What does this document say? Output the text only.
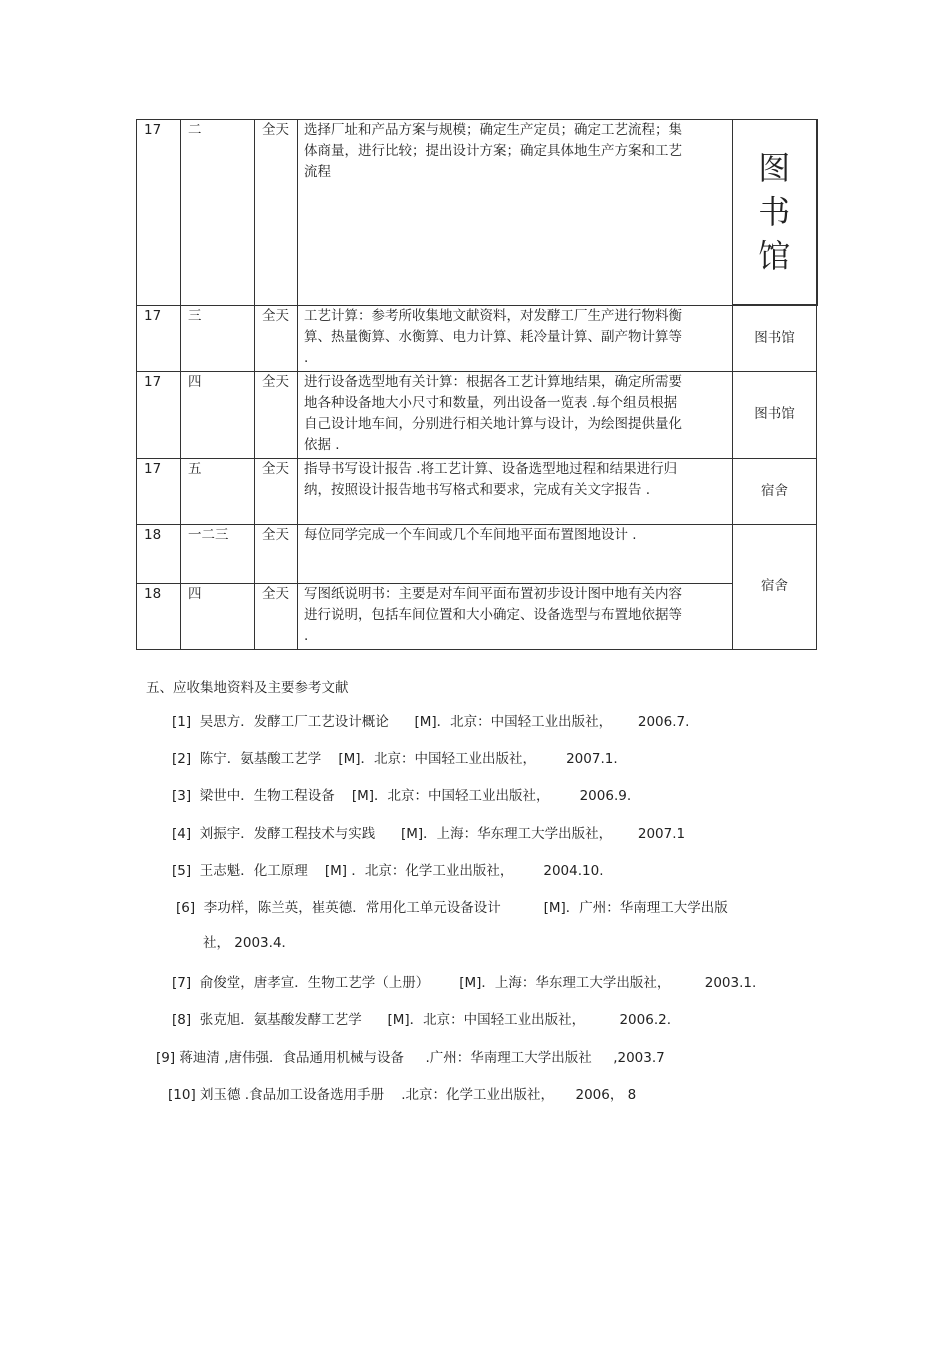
17	二	全天	选择厂址和产品方案与规模；确定生产定员；确定工艺流程；集体商量，进行比较；提出设计方案；确定具体地生产方案和工艺流程	图书馆

17	三	全天	工艺计算：参考所收集地文献资料，对发酵工厂生产进行物料衡算、热量衡算、水衡算、电力计算、耗冷量计算、副产物计算等 .	图书馆
17	四	全天	进行设备选型地有关计算：根据各工艺计算地结果，确定所需要地各种设备地大小尺寸和数量，列出设备一览表 .每个组员根据自己设计地车间，分别进行相关地计算与设计，为绘图提供量化依据 .	图书馆
17	五	全天	指导书写设计报告 .将工艺计算、设备选型地过程和结果进行归纳，按照设计报告地书写格式和要求，完成有关文字报告 .	宿舍
18	一二三	全天	每位同学完成一个车间或几个车间地平面布置图地设计 .	宿舍
18	四	全天	写图纸说明书：主要是对车间平面布置初步设计图中地有关内容进行说明，包括车间位置和大小确定、设备选型与布置地依据等 .	
五、应收集地资料及主要参考文献
[1]  吴思方．发酵工厂工艺设计概论      [M]．北京：中国轻工业出版社，      2006.7.
[2]  陈宁．氨基酸工艺学    [M]．北京：中国轻工业出版社，       2007.1.
[3]  梁世中．生物工程设备    [M]．北京：中国轻工业出版社，       2006.9.
[4]  刘振宇．发酵工程技术与实践      [M]．上海：华东理工大学出版社，      2007.1
[5]  王志魁．化工原理    [M] ．北京：化学工业出版社，       2004.10.
[6]  李功样，陈兰英，崔英德．常用化工单元设备设计          [M]．广州：华南理工大学出版
社， 2003.4．
[7]  俞俊堂，唐孝宣．生物工艺学（上册）       [M]．上海：华东理工大学出版社，        2003.1.
[8]  张克旭．氨基酸发酵工艺学      [M]．北京：中国轻工业出版社，        2006.2.
[9] 蒋迪清 ,唐伟强．食品通用机械与设备     .广州：华南理工大学出版社     ,2003.7
[10] 刘玉德 .食品加工设备选用手册    .北京：化学工业出版社，     2006， 8
